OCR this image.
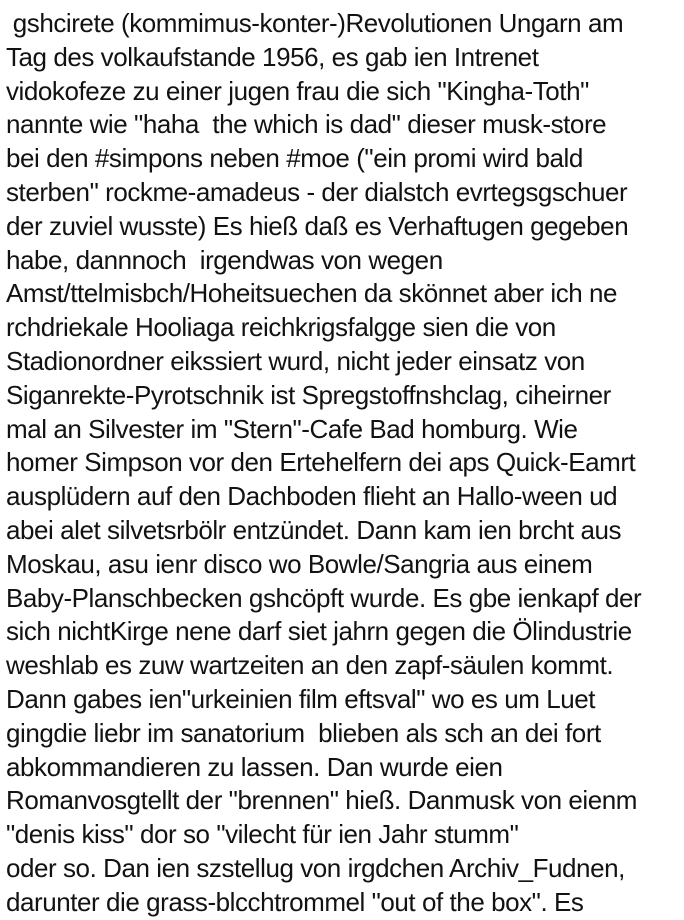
gshcirete (kommimus-konter-)Revolutionen Ungarn am
Tag des volkaufstande 1956, es gab ien Intrenet
vidokofeze zu einer jugen frau die sich "Kingha-Toth"
nannte wie "haha  the which is dad" dieser musk-store
bei den #simpons neben #moe ("ein promi wird bald
sterben" rockme-amadeus - der dialstch evrtegsgschuer
der zuviel wusste) Es hieß daß es Verhaftugen gegeben
habe, dannnoch  irgendwas von wegen
Amst/ttelmisbch/Hoheitsuechen da skönnet aber ich ne
rchdriekale Hooliaga reichkrigsfalgge sien die von
Stadionordner eikssiert wurd, nicht jeder einsatz von
Siganrekte-Pyrotschnik ist Spregstoffnshclag, ciheirner
mal an Silvester im "Stern"-Cafe Bad homburg. Wie
homer Simpson vor den Ertehelfern dei aps Quick-Eamrt
ausplüdern auf den Dachboden flieht an Hallo-ween ud
abei alet silvetsrbölr entzündet. Dann kam ien brcht aus
Moskau, asu ienr disco wo Bowle/Sangria aus einem
Baby-Planschbecken gshcöpft wurde. Es gbe ienkapf der
sich nichtKirge nene darf siet jahrn gegen die Ölindustrie
weshlab es zuw wartzeiten an den zapf-säulen kommt.
Dann gabes ien"urkeinien film eftsval" wo es um Luet
gingdie liebr im sanatorium  blieben als sch an dei fort
abkommandieren zu lassen. Dan wurde eien
Romanvosgtellt der "brennen" hieß. Danmusk von eienm
"denis kiss" dor so "vilecht für ien Jahr stumm"
oder so. Dan ien szstellug von irgdchen Archiv_Fudnen,
darunter die grass-blcchtrommel "out of the box". Es
